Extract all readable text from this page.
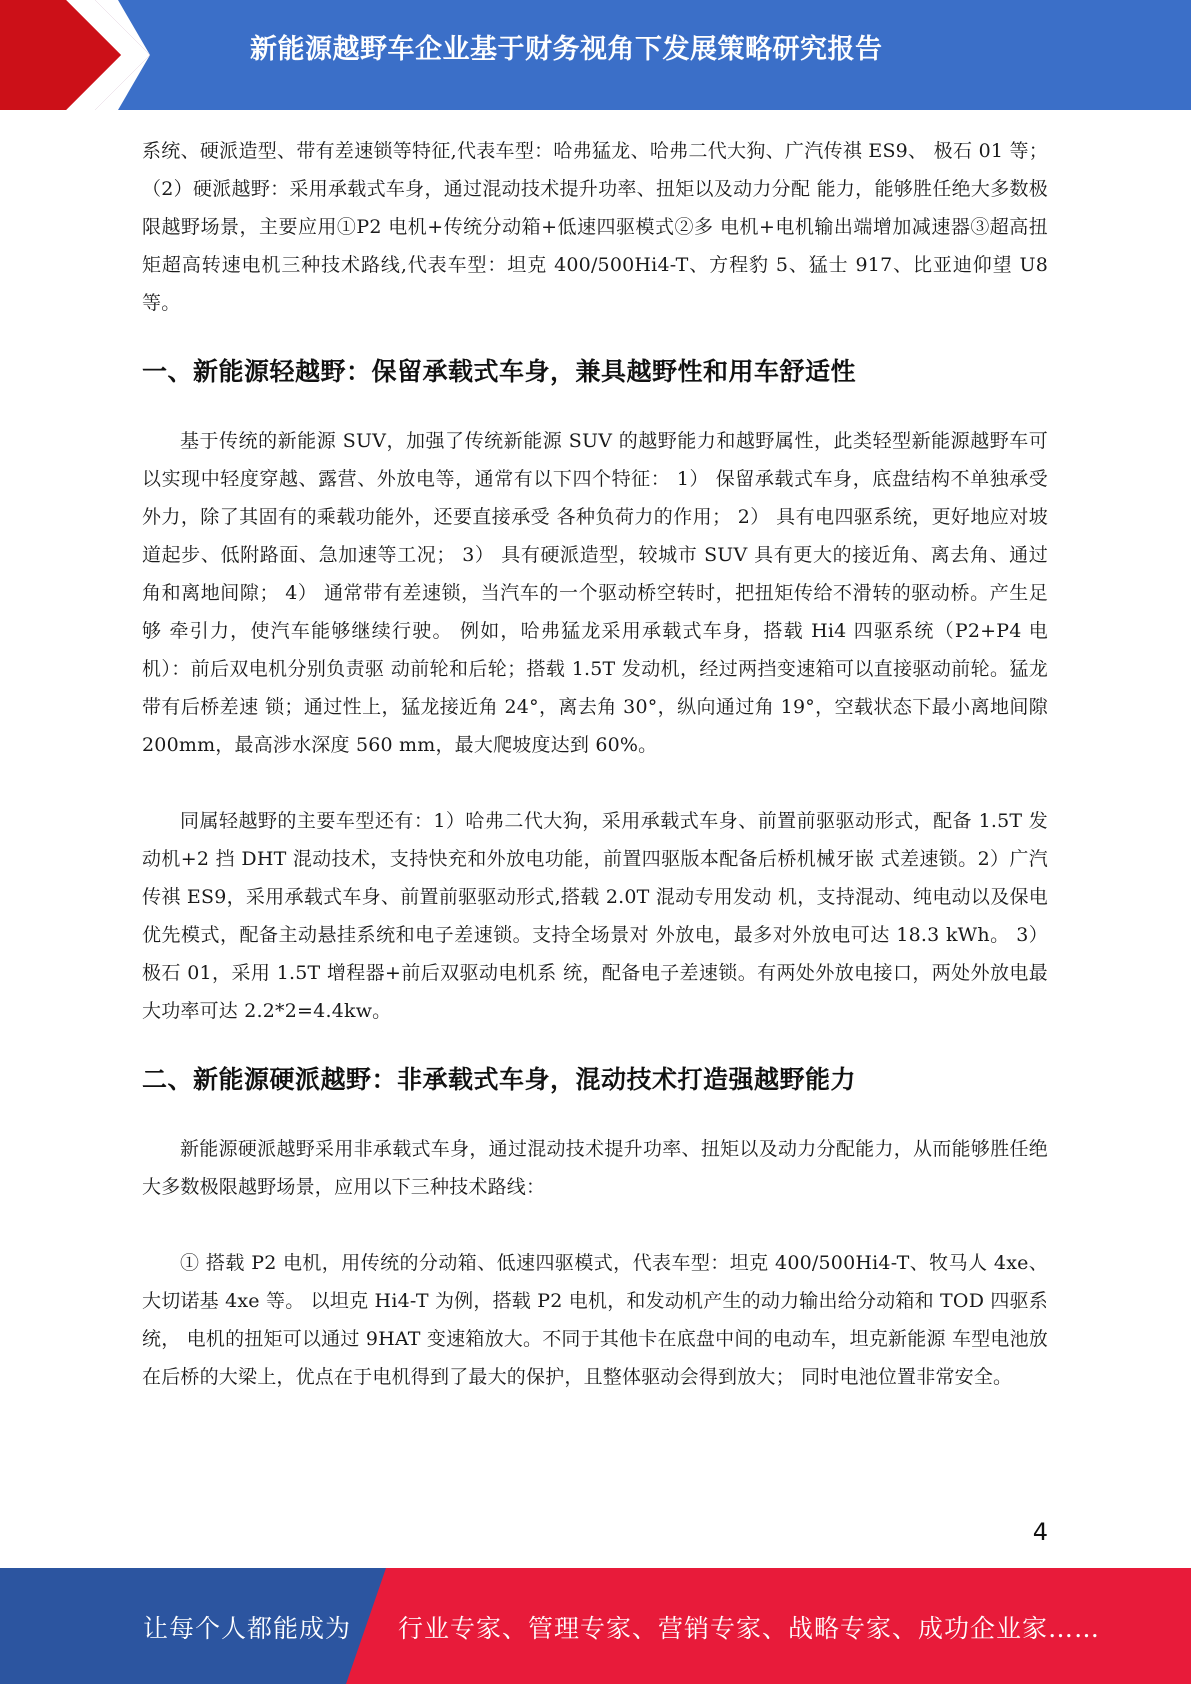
新能源越野车企业基于财务视角下发展策略研究报告

系统、硬派造型、带有差速锁等特征,代表车型：哈弗猛龙、哈弗二代大狗、广汽传祺 ES9、 极石 01 等；（2）硬派越野：采用承载式车身，通过混动技术提升功率、扭矩以及动力分配 能力，能够胜任绝大多数极限越野场景，主要应用①P2 电机+传统分动箱+低速四驱模式②多 电机+电机输出端增加减速器③超高扭矩超高转速电机三种技术路线,代表车型：坦克 400/500Hi4-T、方程豹 5、猛士 917、比亚迪仰望 U8 等。

一、新能源轻越野：保留承载式车身，兼具越野性和用车舒适性

基于传统的新能源 SUV，加强了传统新能源 SUV 的越野能力和越野属性，此类轻型新能源越野车可以实现中轻度穿越、露营、外放电等，通常有以下四个特征： 1） 保留承载式车身，底盘结构不单独承受外力，除了其固有的乘载功能外，还要直接承受 各种负荷力的作用； 2） 具有电四驱系统，更好地应对坡道起步、低附路面、急加速等工况； 3） 具有硬派造型，较城市 SUV 具有更大的接近角、离去角、通过角和离地间隙； 4） 通常带有差速锁，当汽车的一个驱动桥空转时，把扭矩传给不滑转的驱动桥。产生足够 牵引力，使汽车能够继续行驶。 例如，哈弗猛龙采用承载式车身，搭载 Hi4 四驱系统（P2+P4 电机）：前后双电机分别负责驱 动前轮和后轮；搭载 1.5T 发动机，经过两挡变速箱可以直接驱动前轮。猛龙带有后桥差速 锁；通过性上，猛龙接近角 24°，离去角 30°，纵向通过角 19°，空载状态下最小离地间隙 200mm，最高涉水深度 560 mm，最大爬坡度达到 60%。

同属轻越野的主要车型还有：1）哈弗二代大狗，采用承载式车身、前置前驱驱动形式，配备 1.5T 发动机+2 挡 DHT 混动技术，支持快充和外放电功能，前置四驱版本配备后桥机械牙嵌 式差速锁。2）广汽传祺 ES9，采用承载式车身、前置前驱驱动形式,搭载 2.0T 混动专用发动 机，支持混动、纯电动以及保电优先模式，配备主动悬挂系统和电子差速锁。支持全场景对 外放电，最多对外放电可达 18.3 kWh。 3）极石 01，采用 1.5T 增程器+前后双驱动电机系 统，配备电子差速锁。有两处外放电接口，两处外放电最大功率可达 2.2*2=4.4kw。

二、新能源硬派越野：非承载式车身，混动技术打造强越野能力

新能源硬派越野采用非承载式车身，通过混动技术提升功率、扭矩以及动力分配能力，从而能够胜任绝大多数极限越野场景，应用以下三种技术路线：

① 搭载 P2 电机，用传统的分动箱、低速四驱模式，代表车型：坦克 400/500Hi4-T、牧马人 4xe、大切诺基 4xe 等。 以坦克 Hi4-T 为例，搭载 P2 电机，和发动机产生的动力输出给分动箱和 TOD 四驱系统， 电机的扭矩可以通过 9HAT 变速箱放大。不同于其他卡在底盘中间的电动车，坦克新能源 车型电池放在后桥的大梁上，优点在于电机得到了最大的保护，且整体驱动会得到放大； 同时电池位置非常安全。

4
让每个人都能成为 行业专家、管理专家、营销专家、战略专家、成功企业家……
